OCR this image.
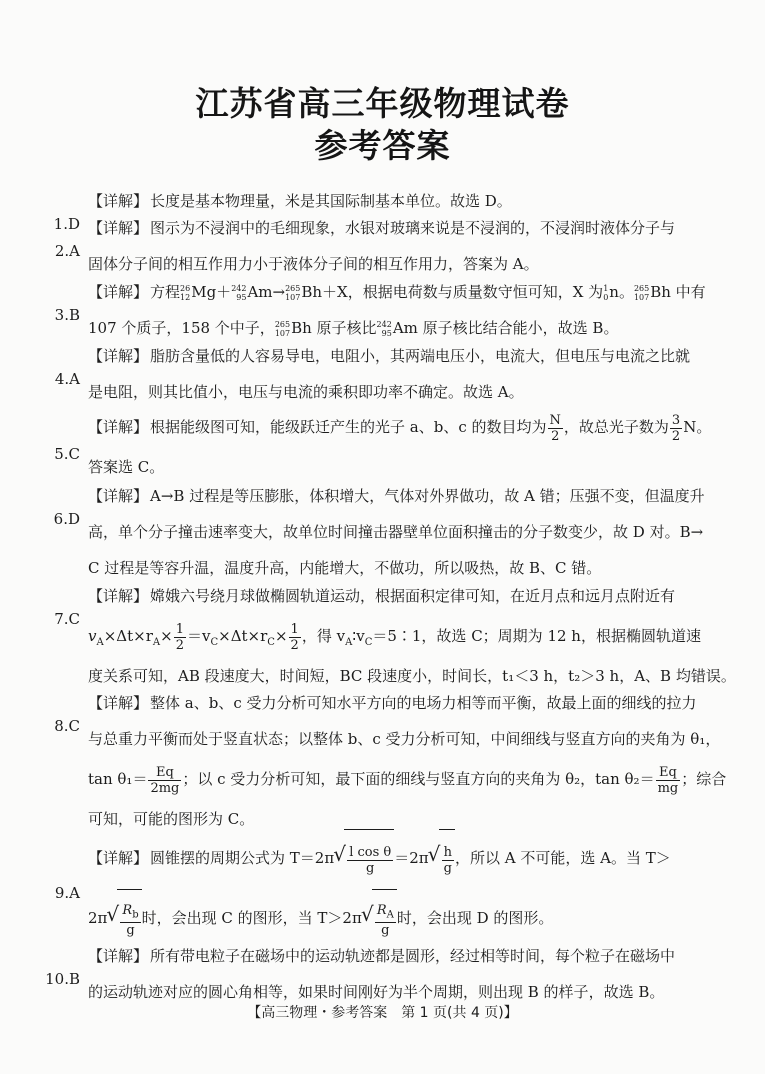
江苏省高三年级物理试卷
参考答案
1.D
【详解】 长度是基本物理量，米是其国际制基本单位。故选 D。
2.A
【详解】 图示为不浸润中的毛细现象，水银对玻璃来说是不浸润的，不浸润时液体分子与
固体分子间的相互作用力小于液体分子间的相互作用力，答案为 A。
3.B
【详解】 方程 26
12 Mg＋ 242
95 Am→ 265
107 Bh＋X，根据电荷数与质量数守恒可知，X 为 1
0 n。 265
107 Bh 中有
107 个质子，158 个中子， 265
107 Bh 原子核比 242
95 Am 原子核比结合能小，故选 B。
4.A
【详解】 脂肪含量低的人容易导电，电阻小，其两端电压小，电流大，但电压与电流之比就
是电阻，则其比值小，电压与电流的乘积即功率不确定。故选 A。
5.C
【详解】 根据能级图可知，能级跃迁产生的光子 a、b、c 的数目均为 $\frac{N}{2}$ ，故总光子数为 $\frac{3}{2}$ N。
答案选 C。
6.D
【详解】 A→B 过程是等压膨胀，体积增大，气体对外界做功，故 A 错；压强不变，但温度升
高，单个分子撞击速率变大，故单位时间撞击器壁单位面积撞击的分子数变少，故 D 对。B→
C 过程是等容升温，温度升高，内能增大，不做功，所以吸热，故 B、C 错。
7.C
【详解】 嫦娥六号绕月球做椭圆轨道运动，根据面积定律可知，在近月点和远月点附近有
$v_A\times\Delta t\times r_A\times \frac{1}{2} =v_C\times\Delta t\times r_C\times \frac{1}{2}$ ，得 $v_A∶v_C=5∶1$，故选 C；周期为 12 h，根据椭圆轨道速
度关系可知，AB 段速度大，时间短，BC 段速度小，时间长，t₁＜3 h，t₂＞3 h，A、B 均错误。
8.C
【详解】 整体 a、b、c 受力分析可知水平方向的电场力相等而平衡，故最上面的细线的拉力
与总重力平衡而处于竖直状态；以整体 b、c 受力分析可知，中间细线与竖直方向的夹角为 θ₁，
$\tan \theta_1= \frac{Eq}{2mg}$ ；以 c 受力分析可知，最下面的细线与竖直方向的夹角为 θ₂，$\tan \theta_2= \frac{Eq}{mg}$ ；综合
可知，可能的图形为 C。
9.A
【详解】 圆锥摆的周期公式为 T＝2π √ $\frac{\text{l cos θ}}{g} =2\pi$ √ $\frac{h}{g}$ ，所以 A 不可能，选 A。当 T＞
2π √ $\frac{R_b}{g}$ 时，会出现 C 的图形，当 T＞2π √ $\frac{R_A}{g}$ 时，会出现 D 的图形。
10.B
【详解】 所有带电粒子在磁场中的运动轨迹都是圆形，经过相等时间，每个粒子在磁场中
的运动轨迹对应的圆心角相等，如果时间刚好为半个周期，则出现 B 的样子，故选 B。
【高三物理・参考答案　第 1 页(共 4 页)】
